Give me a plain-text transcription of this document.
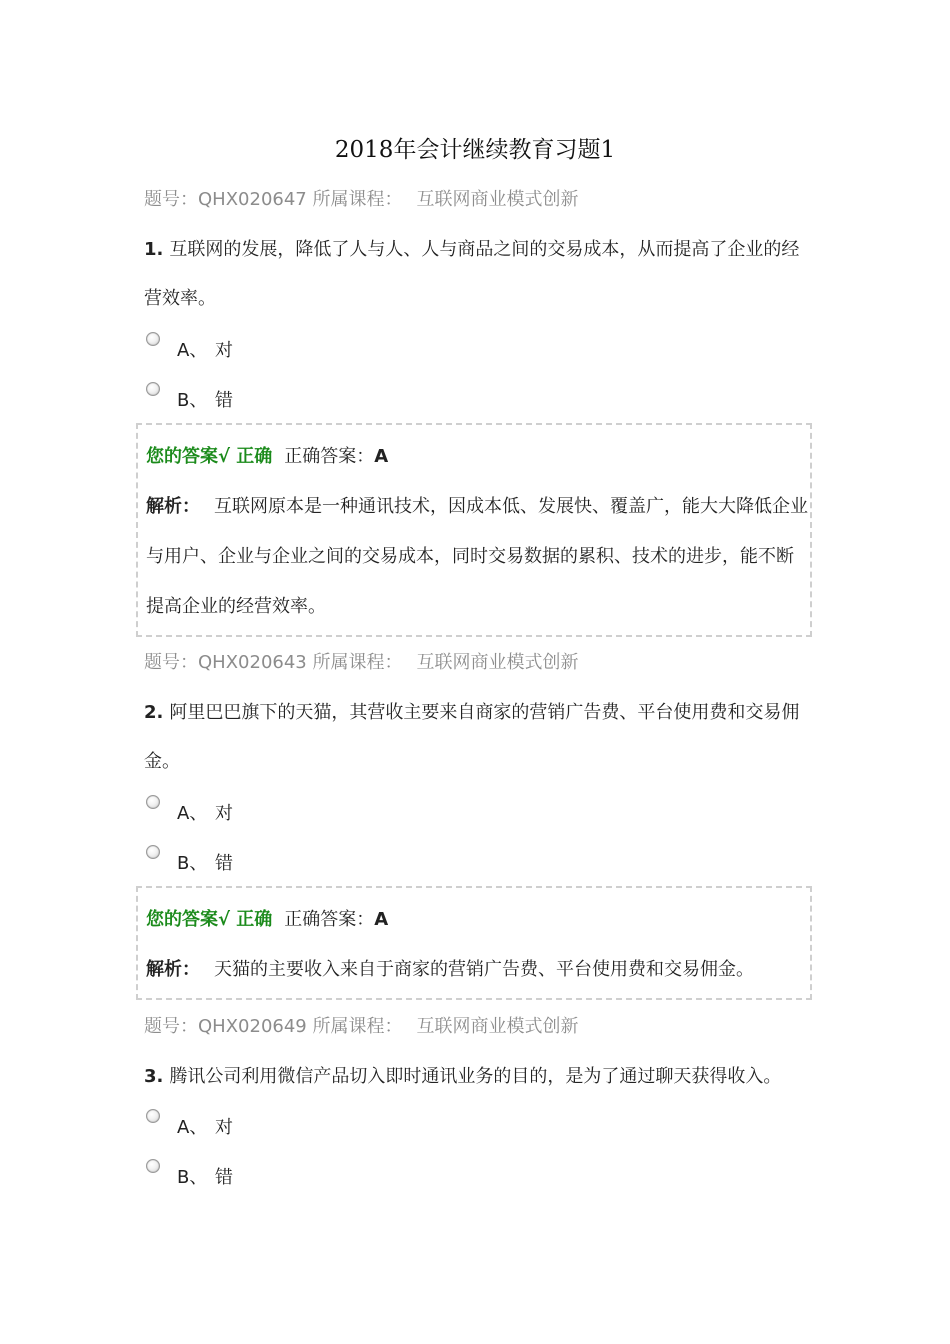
2018年会计继续教育习题1
题号：QHX020647 所属课程： 互联网商业模式创新
1. 互联网的发展，降低了人与人、人与商品之间的交易成本，从而提高了企业的经营效率。
A、 对
B、 错
您的答案√ 正确 正确答案：A
解析： 互联网原本是一种通讯技术，因成本低、发展快、覆盖广，能大大降低企业与用户、企业与企业之间的交易成本，同时交易数据的累积、技术的进步，能不断提高企业的经营效率。
题号：QHX020643 所属课程： 互联网商业模式创新
2. 阿里巴巴旗下的天猫，其营收主要来自商家的营销广告费、平台使用费和交易佣金。
A、 对
B、 错
您的答案√ 正确 正确答案：A
解析： 天猫的主要收入来自于商家的营销广告费、平台使用费和交易佣金。
题号：QHX020649 所属课程： 互联网商业模式创新
3. 腾讯公司利用微信产品切入即时通讯业务的目的，是为了通过聊天获得收入。
A、 对
B、 错
